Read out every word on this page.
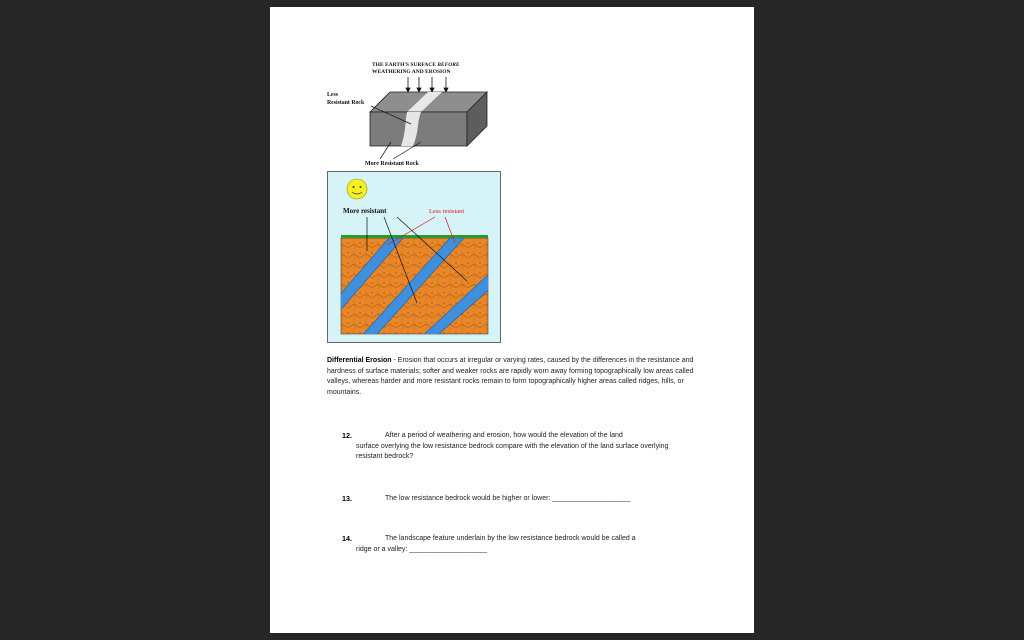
THE EARTH'S SURFACE BEFORE
WEATHERING AND EROSION
Less
Resistant Rock
More Resistant Rock
More resistant	Less resistant
Differential Erosion - Erosion that occurs at irregular or varying rates, caused by the differences in the resistance and hardness of surface materials; softer and weaker rocks are rapidly worn away forming topographically low areas called valleys, whereas harder and more resistant rocks remain to form topographically higher areas called ridges, hills, or mountains.
12.	After a period of weathering and erosion, how would the elevation of the land
surface overlying the low resistance bedrock compare with the elevation of the land surface overlying resistant bedrock?
13.	The low resistance bedrock would be higher or lower: ____________________
14.	The landscape feature underlain by the low resistance bedrock would be called a
ridge or a valley: ____________________
